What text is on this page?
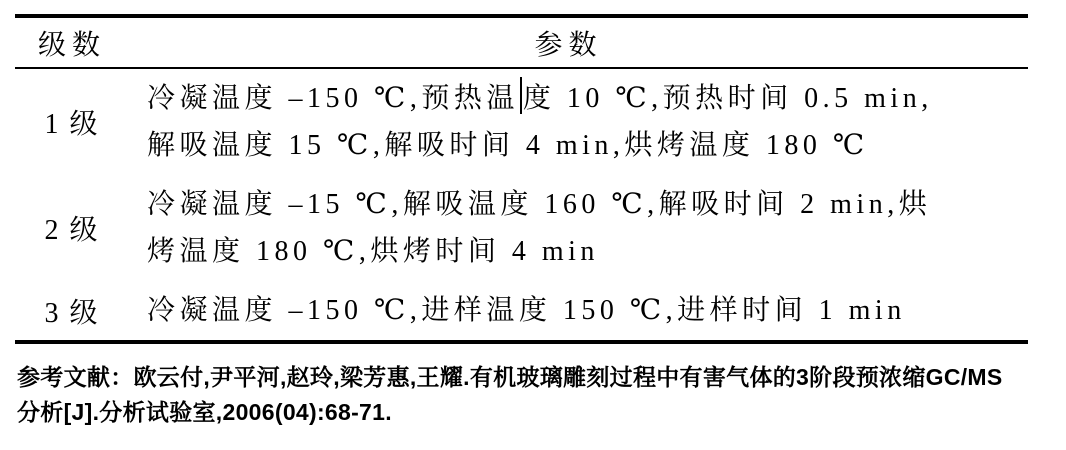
级数	参数
1 级	冷凝温度 –150 ℃,预热温 度 10 ℃,预热时间 0.5 min,
解吸温度 15 ℃,解吸时间 4 min,烘烤温度 180 ℃

2 级	冷凝温度 –15 ℃,解吸温度 160 ℃,解吸时间 2 min,烘
烤温度 180 ℃,烘烤时间 4 min

3 级	冷凝温度 –150 ℃,进样温度 150 ℃,进样时间 1 min

参考文献：欧云付,尹平河,赵玲,梁芳惠,王耀.有机玻璃雕刻过程中有害气体的3阶段预浓缩GC/MS分析[J].分析试验室,2006(04):68-71.
